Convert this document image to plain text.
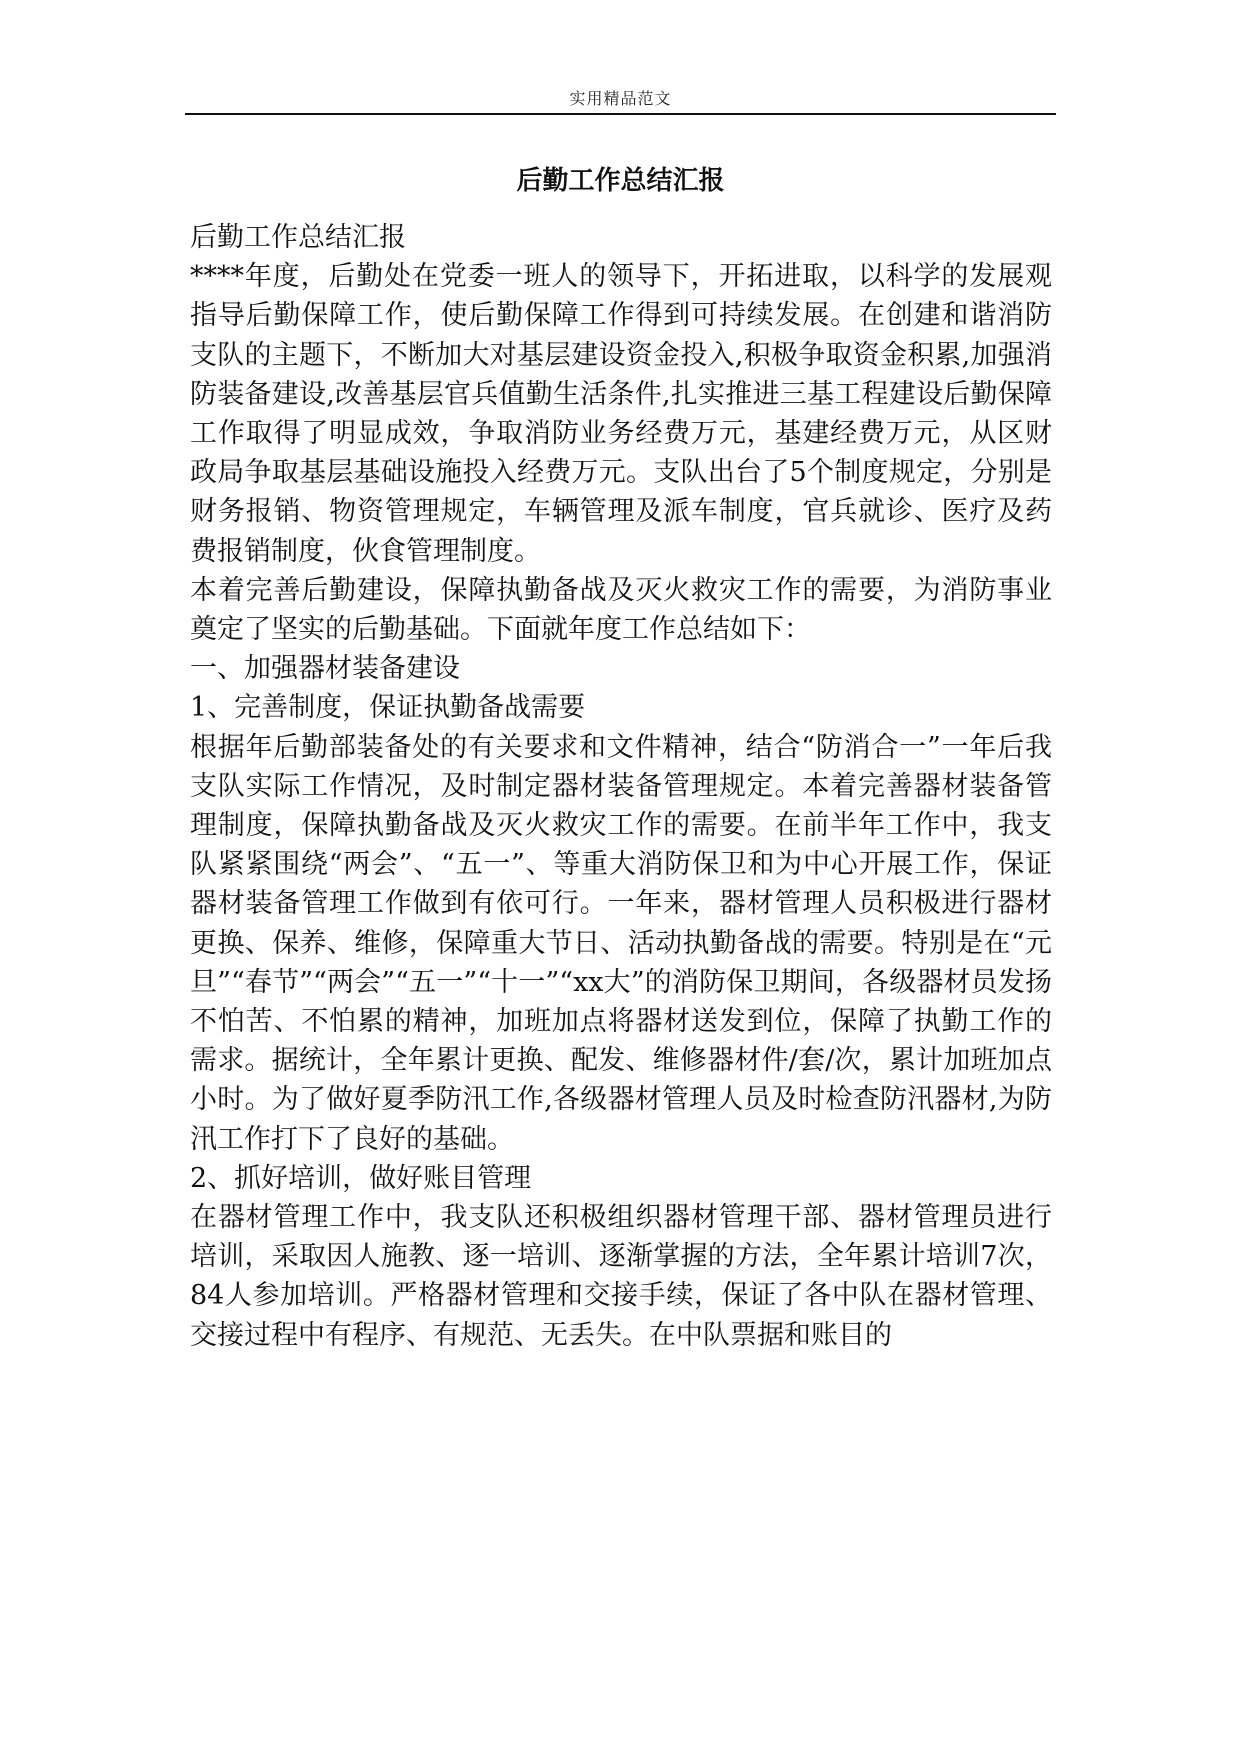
实用精品范文
后勤工作总结汇报

后勤工作总结汇报

****年度，后勤处在党委一班人的领导下，开拓进取，以科学的发展观指导后勤保障工作，使后勤保障工作得到可持续发展。在创建和谐消防支队的主题下，不断加大对基层建设资金投入,积极争取资金积累,加强消防装备建设,改善基层官兵值勤生活条件,扎实推进三基工程建设后勤保障工作取得了明显成效，争取消防业务经费万元，基建经费万元，从区财政局争取基层基础设施投入经费万元。支队出台了5个制度规定，分别是财务报销、物资管理规定，车辆管理及派车制度，官兵就诊、医疗及药费报销制度，伙食管理制度。

本着完善后勤建设，保障执勤备战及灭火救灾工作的需要，为消防事业奠定了坚实的后勤基础。下面就年度工作总结如下：

一、加强器材装备建设

1、完善制度，保证执勤备战需要

根据年后勤部装备处的有关要求和文件精神，结合“防消合一”一年后我支队实际工作情况，及时制定器材装备管理规定。本着完善器材装备管理制度，保障执勤备战及灭火救灾工作的需要。在前半年工作中，我支队紧紧围绕“两会”、“五一”、等重大消防保卫和为中心开展工作，保证器材装备管理工作做到有依可行。一年来，器材管理人员积极进行器材更换、保养、维修，保障重大节日、活动执勤备战的需要。特别是在“元旦”“春节”“两会”“五一”“十一”“xx大”的消防保卫期间，各级器材员发扬不怕苦、不怕累的精神，加班加点将器材送发到位，保障了执勤工作的需求。据统计，全年累计更换、配发、维修器材件/套/次，累计加班加点小时。为了做好夏季防汛工作,各级器材管理人员及时检查防汛器材,为防汛工作打下了良好的基础。

2、抓好培训，做好账目管理

在器材管理工作中，我支队还积极组织器材管理干部、器材管理员进行培训，采取因人施教、逐一培训、逐渐掌握的方法，全年累计培训7次，84人参加培训。严格器材管理和交接手续，保证了各中队在器材管理、交接过程中有程序、有规范、无丢失。在中队票据和账目的
